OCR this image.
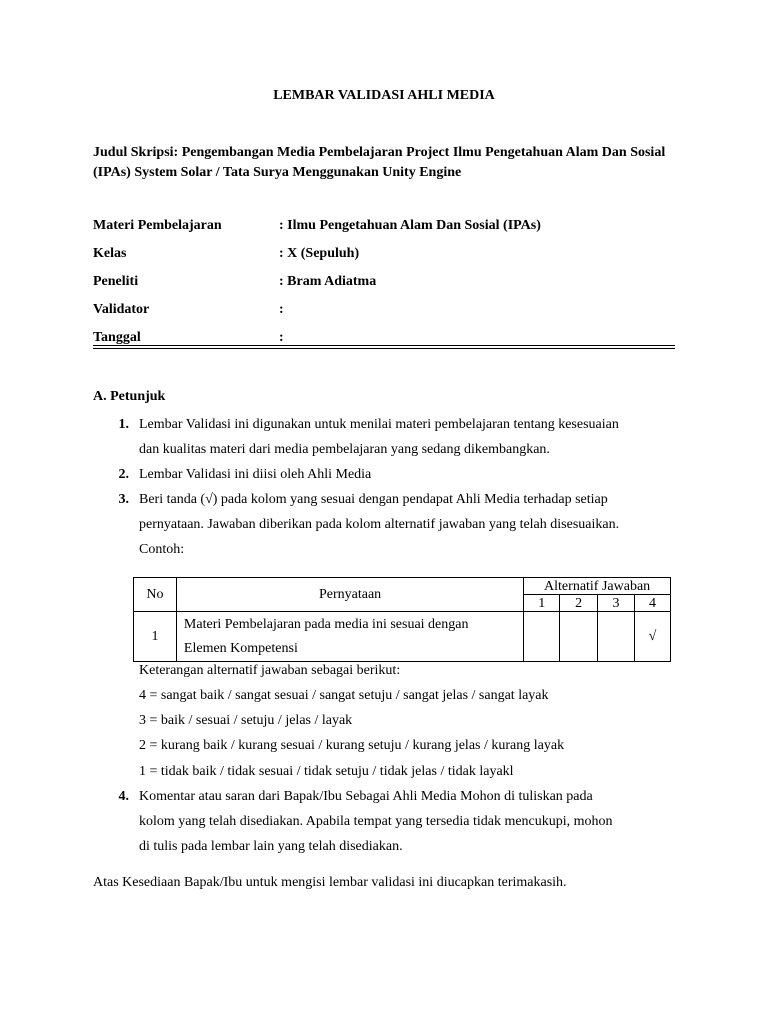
LEMBAR VALIDASI AHLI MEDIA
Judul Skripsi: Pengembangan Media Pembelajaran Project Ilmu Pengetahuan Alam Dan Sosial (IPAs) System Solar / Tata Surya Menggunakan Unity Engine
Materi Pembelajaran	: Ilmu Pengetahuan Alam Dan Sosial (IPAs)
Kelas	: X (Sepuluh)
Peneliti	: Bram Adiatma
Validator	:
Tanggal	:
A. Petunjuk
1. Lembar Validasi ini digunakan untuk menilai materi pembelajaran tentang kesesuaian
dan kualitas materi dari media pembelajaran yang sedang dikembangkan.
2. Lembar Validasi ini diisi oleh Ahli Media
3. Beri tanda (√) pada kolom yang sesuai dengan pendapat Ahli Media terhadap setiap
pernyataan. Jawaban diberikan pada kolom alternatif jawaban yang telah disesuaikan.
Contoh:
No	Pernyataan	Alternatif Jawaban			
		1	2	3	4
1	Materi Pembelajaran pada media ini sesuai dengan
Elemen Kompetensi				√
Keterangan alternatif jawaban sebagai berikut:
4 = sangat baik / sangat sesuai / sangat setuju / sangat jelas / sangat layak
3 = baik / sesuai / setuju / jelas / layak
2 = kurang baik / kurang sesuai / kurang setuju / kurang jelas / kurang layak
1 = tidak baik / tidak sesuai / tidak setuju / tidak jelas / tidak layakl
4. Komentar atau saran dari Bapak/Ibu Sebagai Ahli Media Mohon di tuliskan pada
kolom yang telah disediakan. Apabila tempat yang tersedia tidak mencukupi, mohon
di tulis pada lembar lain yang telah disediakan.
Atas Kesediaan Bapak/Ibu untuk mengisi lembar validasi ini diucapkan terimakasih.
